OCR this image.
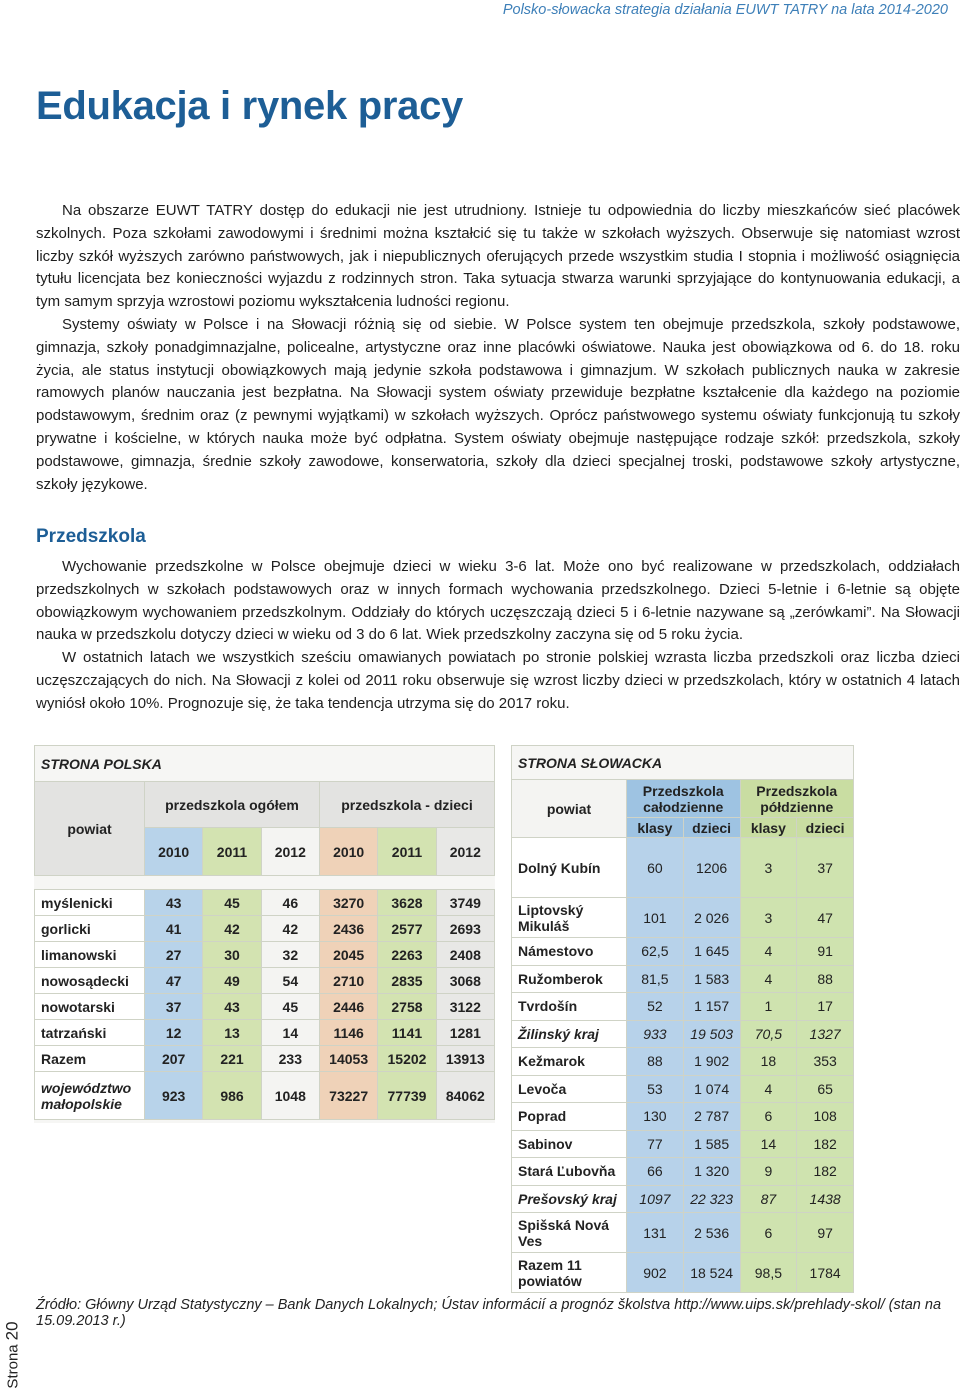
Polsko-słowacka strategia działania EUWT TATRY na lata 2014-2020
Edukacja i rynek pracy

Na obszarze EUWT TATRY dostęp do edukacji nie jest utrudniony. Istnieje tu odpowiednia do liczby mieszkańców sieć placówek szkolnych. Poza szkołami zawodowymi i średnimi można kształcić się tu także w szkołach wyższych. Obserwuje się natomiast wzrost liczby szkół wyższych zarówno państwowych, jak i niepublicznych oferujących przede wszystkim studia I stopnia i możliwość osiągnięcia tytułu licencjata bez konieczności wyjazdu z rodzinnych stron. Taka sytuacja stwarza warunki sprzyjające do kontynuowania edukacji, a tym samym sprzyja wzrostowi poziomu wykształcenia ludności regionu.

Systemy oświaty w Polsce i na Słowacji różnią się od siebie. W Polsce system ten obejmuje przedszkola, szkoły podstawowe, gimnazja, szkoły ponadgimnazjalne, policealne, artystyczne oraz inne placówki oświatowe. Nauka jest obowiązkowa od 6. do 18. roku życia, ale status instytucji obowiązkowych mają jedynie szkoła podstawowa i gimnazjum. W szkołach publicznych nauka w zakresie ramowych planów nauczania jest bezpłatna. Na Słowacji system oświaty przewiduje bezpłatne kształcenie dla każdego na poziomie podstawowym, średnim oraz (z pewnymi wyjątkami) w szkołach wyższych. Oprócz państwowego systemu oświaty funkcjonują tu szkoły prywatne i kościelne, w których nauka może być odpłatna. System oświaty obejmuje następujące rodzaje szkół: przedszkola, szkoły podstawowe, gimnazja, średnie szkoły zawodowe, konserwatoria, szkoły dla dzieci specjalnej troski, podstawowe szkoły artystyczne, szkoły językowe.

Przedszkola

Wychowanie przedszkolne w Polsce obejmuje dzieci w wieku 3-6 lat. Może ono być realizowane w przedszkolach, oddziałach przedszkolnych w szkołach podstawowych oraz w innych formach wychowania przedszkolnego. Dzieci 5-letnie i 6-letnie są objęte obowiązkowym wychowaniem przedszkolnym. Oddziały do których uczęszczają dzieci 5 i 6-letnie nazywane są „zerówkami”. Na Słowacji nauka w przedszkolu dotyczy dzieci w wieku od 3 do 6 lat. Wiek przedszkolny zaczyna się od 5 roku życia.

W ostatnich latach we wszystkich sześciu omawianych powiatach po stronie polskiej wzrasta liczba przedszkoli oraz liczba dzieci uczęszczających do nich. Na Słowacji z kolei od 2011 roku obserwuje się wzrost liczby dzieci w przedszkolach, który w ostatnich 4 latach wyniósł około 10%. Prognozuje się, że taka tendencja utrzyma się do 2017 roku.

STRONA POLSKA						
powiat	przedszkola ogółem			przedszkola - dzieci		
	2010	2011	2012	2010	2011	2012

myślenicki	43	45	46	3270	3628	3749
gorlicki	41	42	42	2436	2577	2693
limanowski	27	30	32	2045	2263	2408
nowosądecki	47	49	54	2710	2835	3068
nowotarski	37	43	45	2446	2758	3122
tatrzański	12	13	14	1146	1141	1281
Razem	207	221	233	14053	15202	13913
województwo małopolskie	923	986	1048	73227	77739	84062
STRONA SŁOWACKA				
powiat	Przedszkola całodzienne		Przedszkola półdzienne	
	klasy	dzieci	klasy	dzieci
Dolný Kubín	60	1206	3	37
Liptovský Mikuláš	101	2 026	3	47
Námestovo	62,5	1 645	4	91
Ružomberok	81,5	1 583	4	88
Tvrdošín	52	1 157	1	17
Žilinský kraj	933	19 503	70,5	1327
Kežmarok	88	1 902	18	353
Levoča	53	1 074	4	65
Poprad	130	2 787	6	108
Sabinov	77	1 585	14	182
Stará Ľubovňa	66	1 320	9	182
Prešovský kraj	1097	22 323	87	1438
Spišská Nová Ves	131	2 536	6	97
Razem 11 powiatów	902	18 524	98,5	1784
Źródło: Główny Urząd Statystyczny – Bank Danych Lokalnych; Ústav informácií a prognóz školstva http://www.uips.sk/prehlady-skol/ (stan na 15.09.2013 r.)
Strona20
